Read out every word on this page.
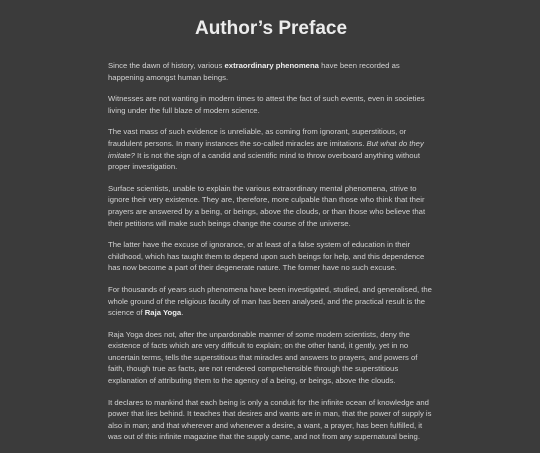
Author’s Preface

Since the dawn of history, various extraordinary phenomena have been recorded as happening amongst human beings.

Witnesses are not wanting in modern times to attest the fact of such events, even in societies living under the full blaze of modern science.

The vast mass of such evidence is unreliable, as coming from ignorant, superstitious, or fraudulent persons. In many instances the so-called miracles are imitations. But what do they imitate? It is not the sign of a candid and scientific mind to throw overboard anything without proper investigation.

Surface scientists, unable to explain the various extraordinary mental phenomena, strive to ignore their very existence. They are, therefore, more culpable than those who think that their prayers are answered by a being, or beings, above the clouds, or than those who believe that their petitions will make such beings change the course of the universe.

The latter have the excuse of ignorance, or at least of a false system of education in their childhood, which has taught them to depend upon such beings for help, and this dependence has now become a part of their degenerate nature. The former have no such excuse.

For thousands of years such phenomena have been investigated, studied, and generalised, the whole ground of the religious faculty of man has been analysed, and the practical result is the science of Raja Yoga.

Raja Yoga does not, after the unpardonable manner of some modern scientists, deny the existence of facts which are very difficult to explain; on the other hand, it gently, yet in no uncertain terms, tells the superstitious that miracles and answers to prayers, and powers of faith, though true as facts, are not rendered comprehensible through the superstitious explanation of attributing them to the agency of a being, or beings, above the clouds.

It declares to mankind that each being is only a conduit for the infinite ocean of knowledge and power that lies behind. It teaches that desires and wants are in man, that the power of supply is also in man; and that wherever and whenever a desire, a want, a prayer, has been fulfilled, it was out of this infinite magazine that the supply came, and not from any supernatural being.
